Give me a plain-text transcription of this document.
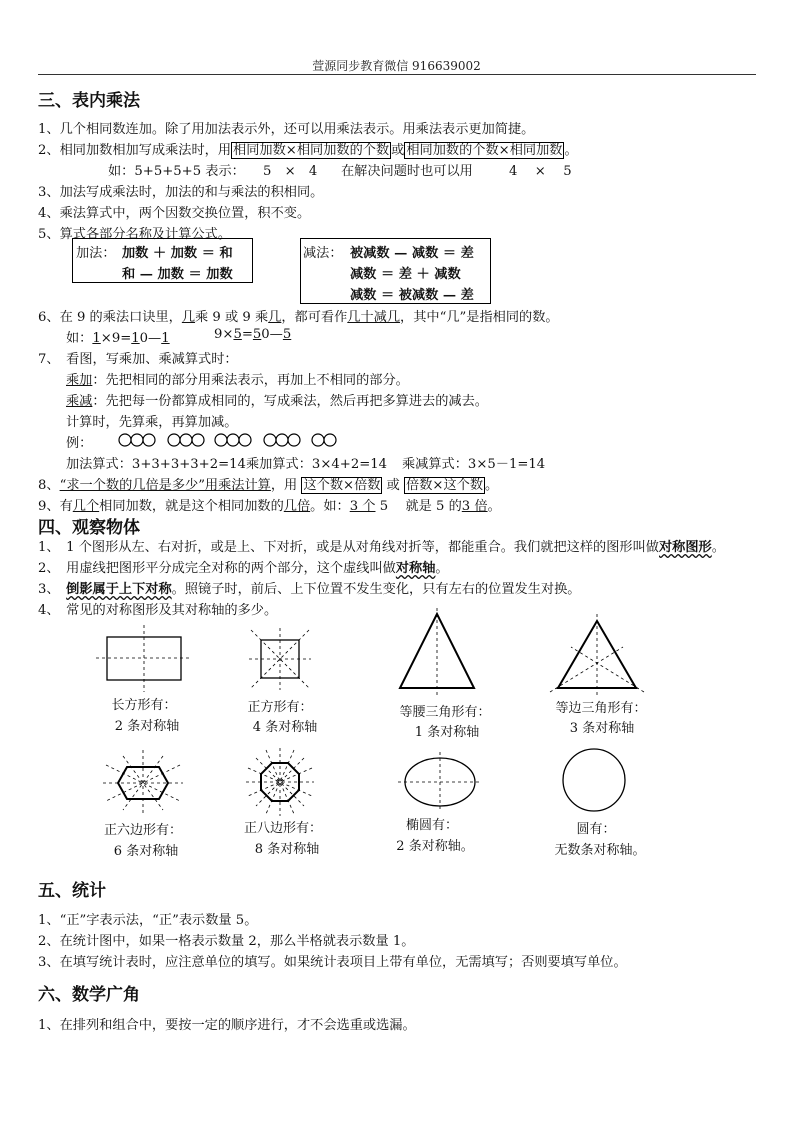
萱源同步教育微信 916639002
三、表内乘法
1、几个相同数连加。除了用加法表示外，还可以用乘法表示。用乘法表示更加简捷。
2、相同加数相加写成乘法时，用 相同加数×相同加数的个数 或 相同加数的个数×相同加数 。
如：5+5+5+5 表示： 5　×　4 在解决问题时也可以用	4　 ×　 5
3、加法写成乘法时，加法的和与乘法的积相同。
4、乘法算式中，两个因数交换位置，积不变。
5、算式各部分名称及计算公式。
加法： 加数 ＋ 加数 ＝ 和
和 — 加数 ＝ 加数
减法： 被减数 — 减数 ＝ 差
减数 ＝ 差 ＋ 减数
减数 ＝ 被减数 — 差
6、在 9 的乘法口诀里，几乘 9 或 9 乘几，都可看作几十减几，其中“几”是指相同的数。
如：1×9=10—1	9×5=50—5
7、　看图，写乘加、乘减算式时：
乘加：先把相同的部分用乘法表示，再加上不相同的部分。
乘减：先把每一份都算成相同的，写成乘法，然后再把多算进去的减去。
计算时，先算乘，再算加减。
例：
加法算式：3+3+3+3+2=14 乘加算式：3×4+2=14 乘减算式：3×5－1=14
8、“求一个数的几倍是多少”用乘法计算，用 这个数×倍数 或 倍数×这个数 。
9、有几个相同加数，就是这个相同加数的几倍。如：3 个 5　 就是 5 的3 倍。
四、观察物体
1、　1 个图形从左、右对折，或是上、下对折，或是从对角线对折等，都能重合。我们就把这样的图形叫做对称图形。
2、　用虚线把图形平分成完全对称的两个部分，这个虚线叫做对称轴。
3、　倒影属于上下对称。照镜子时，前后、上下位置不发生变化，只有左右的位置发生对换。
4、　常见的对称图形及其对称轴的多少。
长方形有：
2 条对称轴
正方形有：
4 条对称轴
等腰三角形有：
1 条对称轴
等边三角形有：
3 条对称轴
正六边形有：
6 条对称轴
正八边形有：
8 条对称轴
椭圆有：
2 条对称轴。
圆有：
无数条对称轴。
五、统计
1、“正”字表示法，“正”表示数量 5。
2、在统计图中，如果一格表示数量 2，那么半格就表示数量 1。
3、在填写统计表时，应注意单位的填写。如果统计表项目上带有单位，无需填写；否则要填写单位。
六、数学广角
1、在排列和组合中，要按一定的顺序进行，才不会选重或选漏。
